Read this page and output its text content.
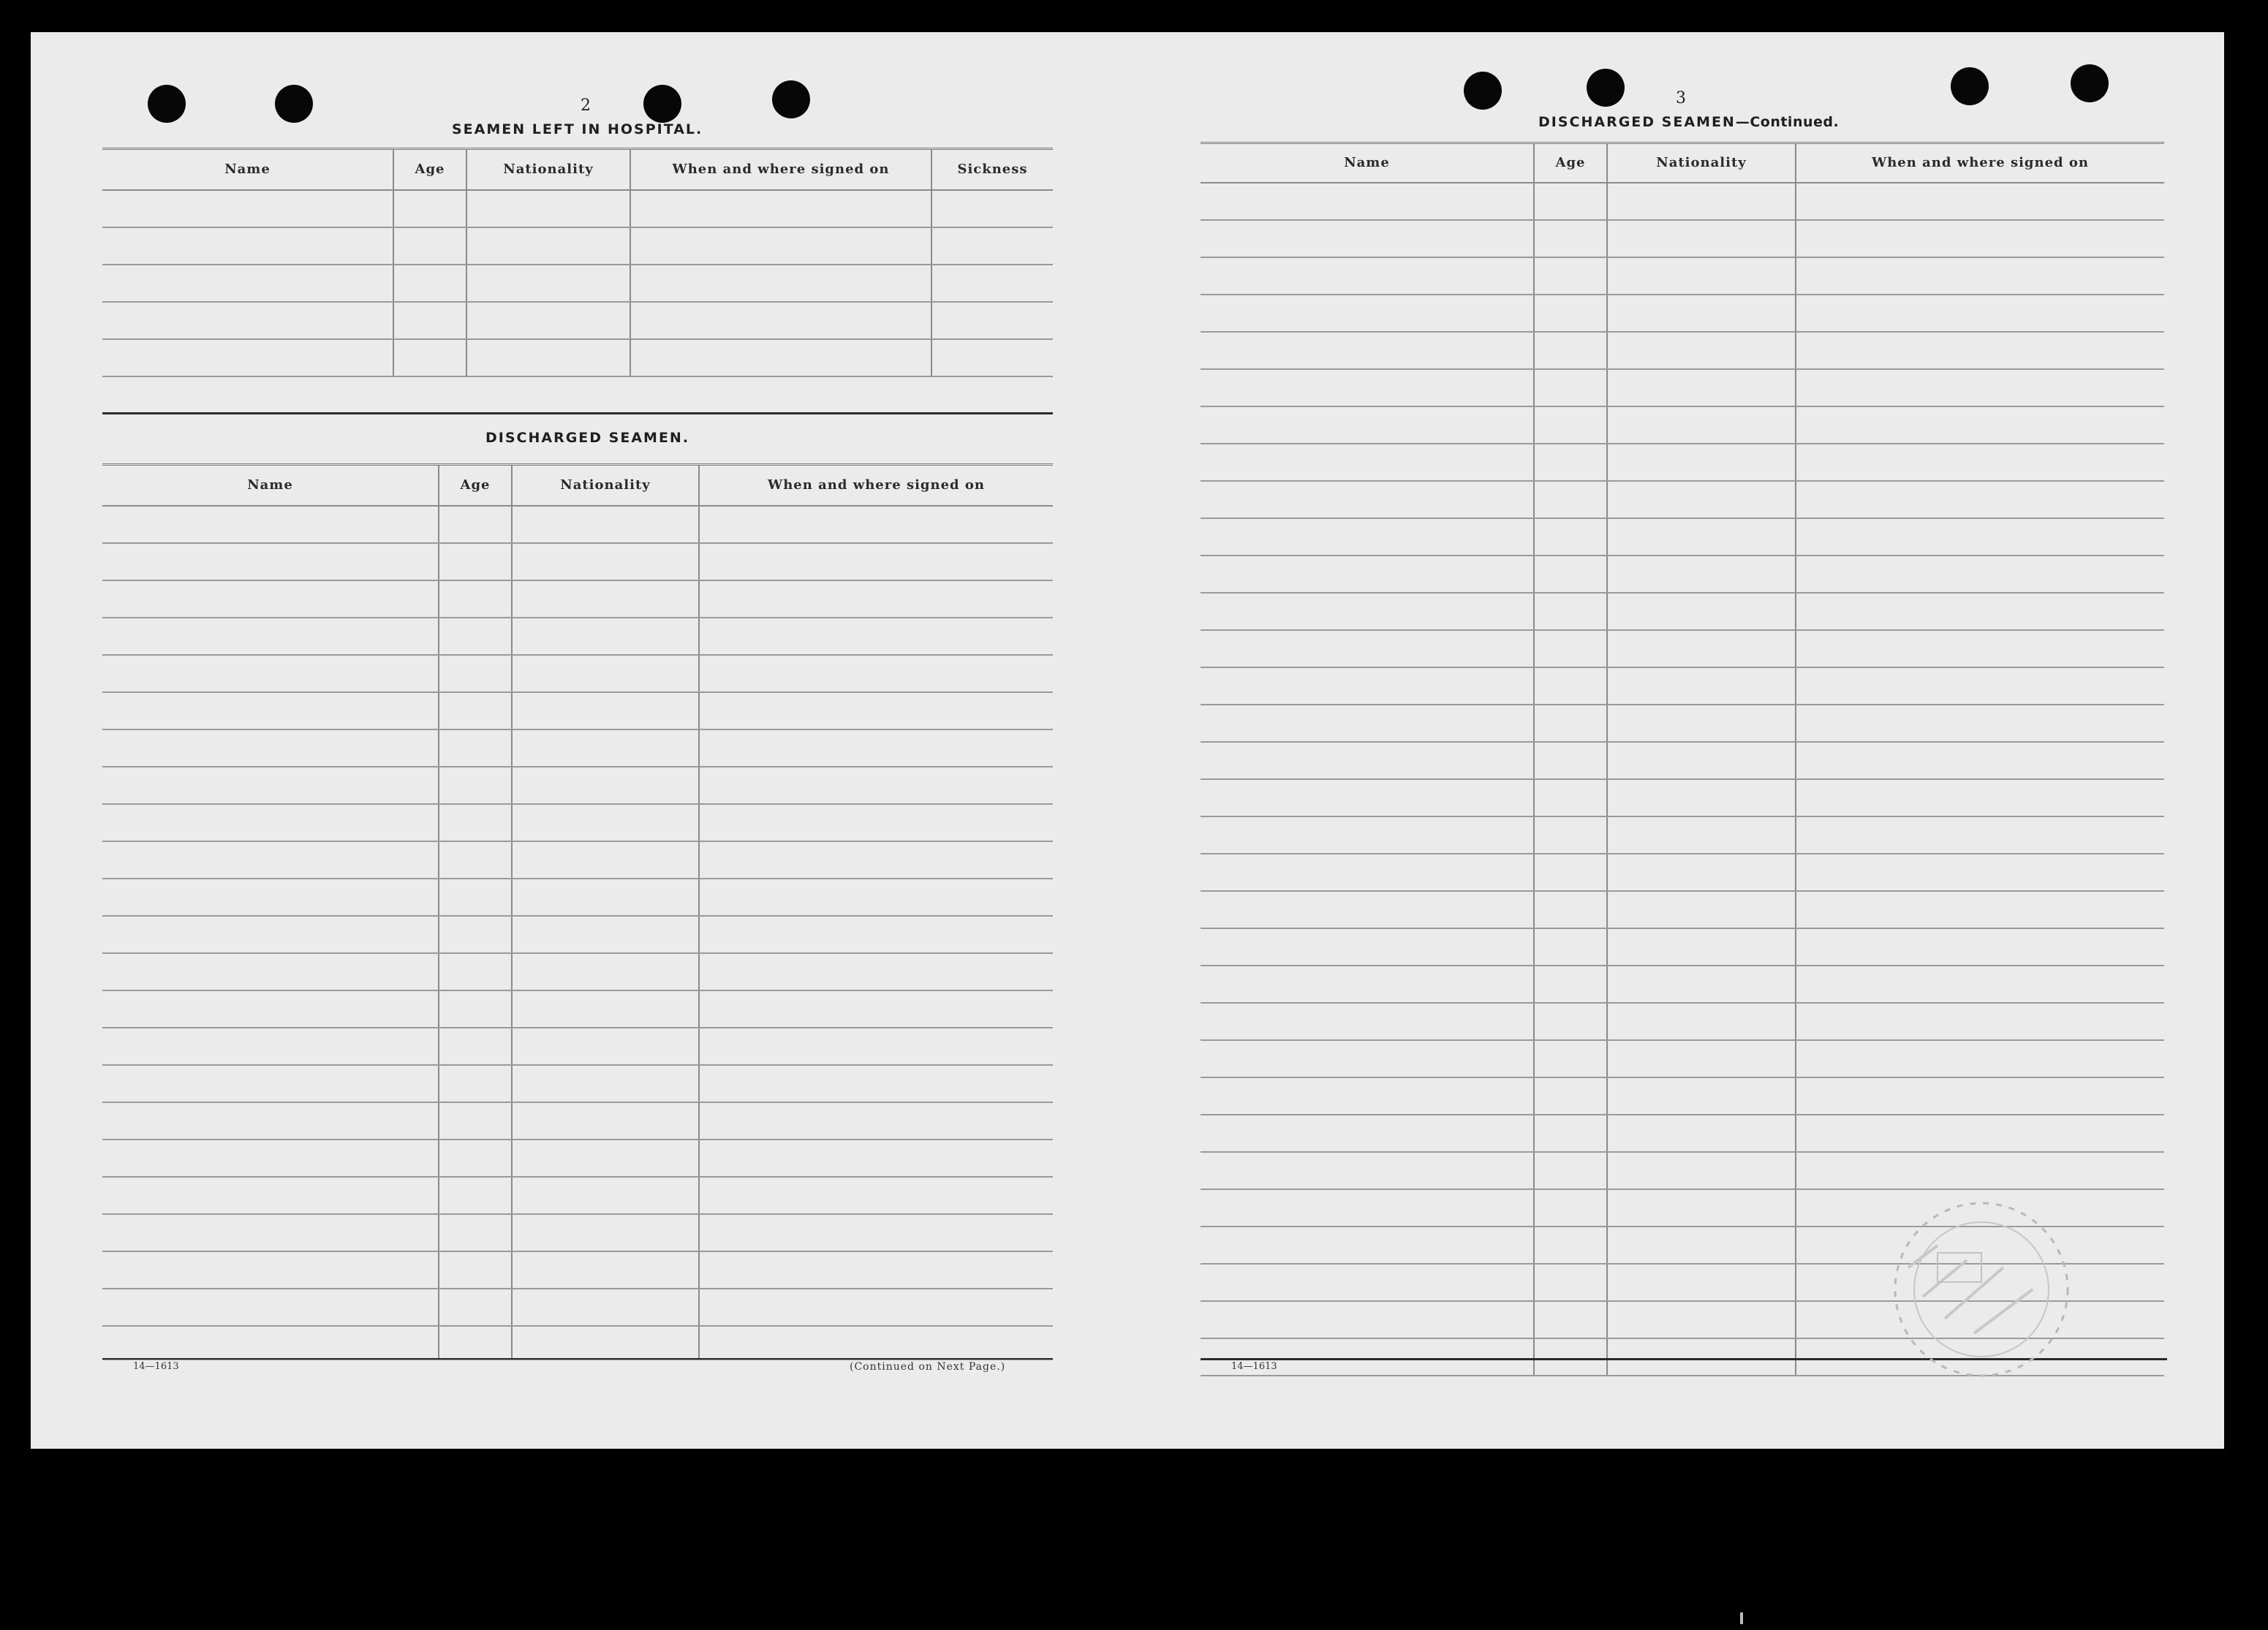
2
SEAMEN LEFT IN HOSPITAL.
Name	Age	Nationality	When and where signed on	Sickness

DISCHARGED SEAMEN.
Name	Age	Nationality	When and where signed on

14—1613	(Continued on Next Page.)
3
DISCHARGED SEAMEN—Continued.
Name	Age	Nationality	When and where signed on

14—1613
